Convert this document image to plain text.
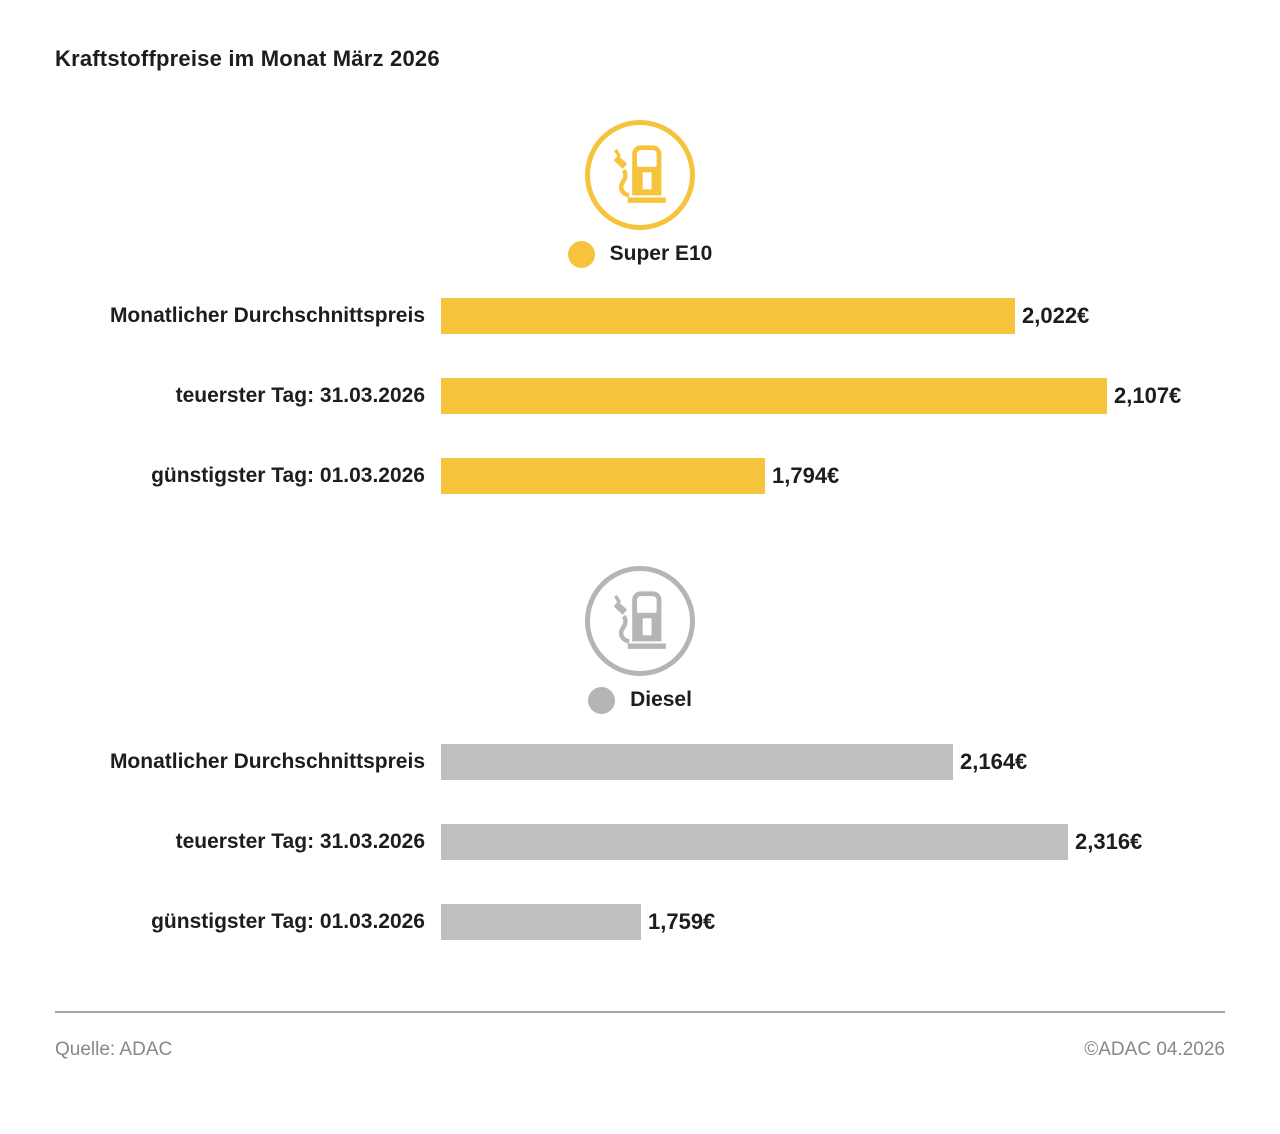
Kraftstoffpreise im Monat März 2026
Super E10
Monatlicher Durchschnittspreis	2,022€
teuerster Tag: 31.03.2026	2,107€
günstigster Tag: 01.03.2026	1,794€
Diesel
Monatlicher Durchschnittspreis	2,164€
teuerster Tag: 31.03.2026	2,316€
günstigster Tag: 01.03.2026	1,759€
Quelle: ADAC	©ADAC 04.2026
